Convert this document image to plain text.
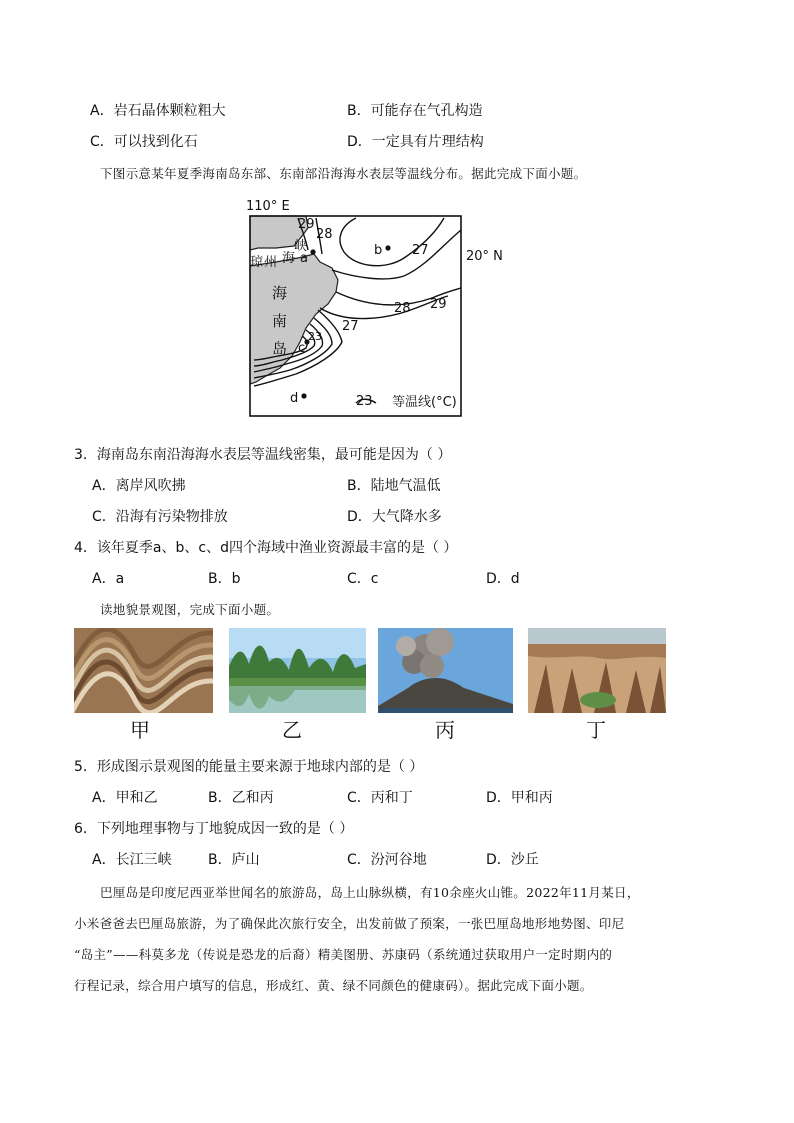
A．岩石晶体颗粒粗大	B．可能存在气孔构造
C．可以找到化石	D．一定具有片理结构
下图示意某年夏季海南岛东部、东南部沿海海水表层等温线分布。据此完成下面小题。
110° E
20° N
琼 州 海
峡
海
南
岛
a
b
c
d
29
28
27
28 29
27
23
23 等温线(°C)
3．海南岛东南沿海海水表层等温线密集，最可能是因为（ ）
A．离岸风吹拂	B．陆地气温低
C．沿海有污染物排放	D．大气降水多
4．该年夏季a、b、c、d四个海域中渔业资源最丰富的是（ ）
A．a	B．b	C．c	D．d
读地貌景观图，完成下面小题。
甲	乙	丙	丁
5．形成图示景观图的能量主要来源于地球内部的是（ ）
A．甲和乙	B．乙和丙	C．丙和丁	D．甲和丙
6．下列地理事物与丁地貌成因一致的是（ ）
A．长江三峡	B．庐山	C．汾河谷地	D．沙丘
巴厘岛是印度尼西亚举世闻名的旅游岛，岛上山脉纵横，有10余座火山锥。2022年11月某日，
小米爸爸去巴厘岛旅游，为了确保此次旅行安全，出发前做了预案，一张巴厘岛地形地势图、印尼
“岛主”——科莫多龙（传说是恐龙的后裔）精美图册、苏康码（系统通过获取用户一定时期内的
行程记录，综合用户填写的信息，形成红、黄、绿不同颜色的健康码）。据此完成下面小题。
